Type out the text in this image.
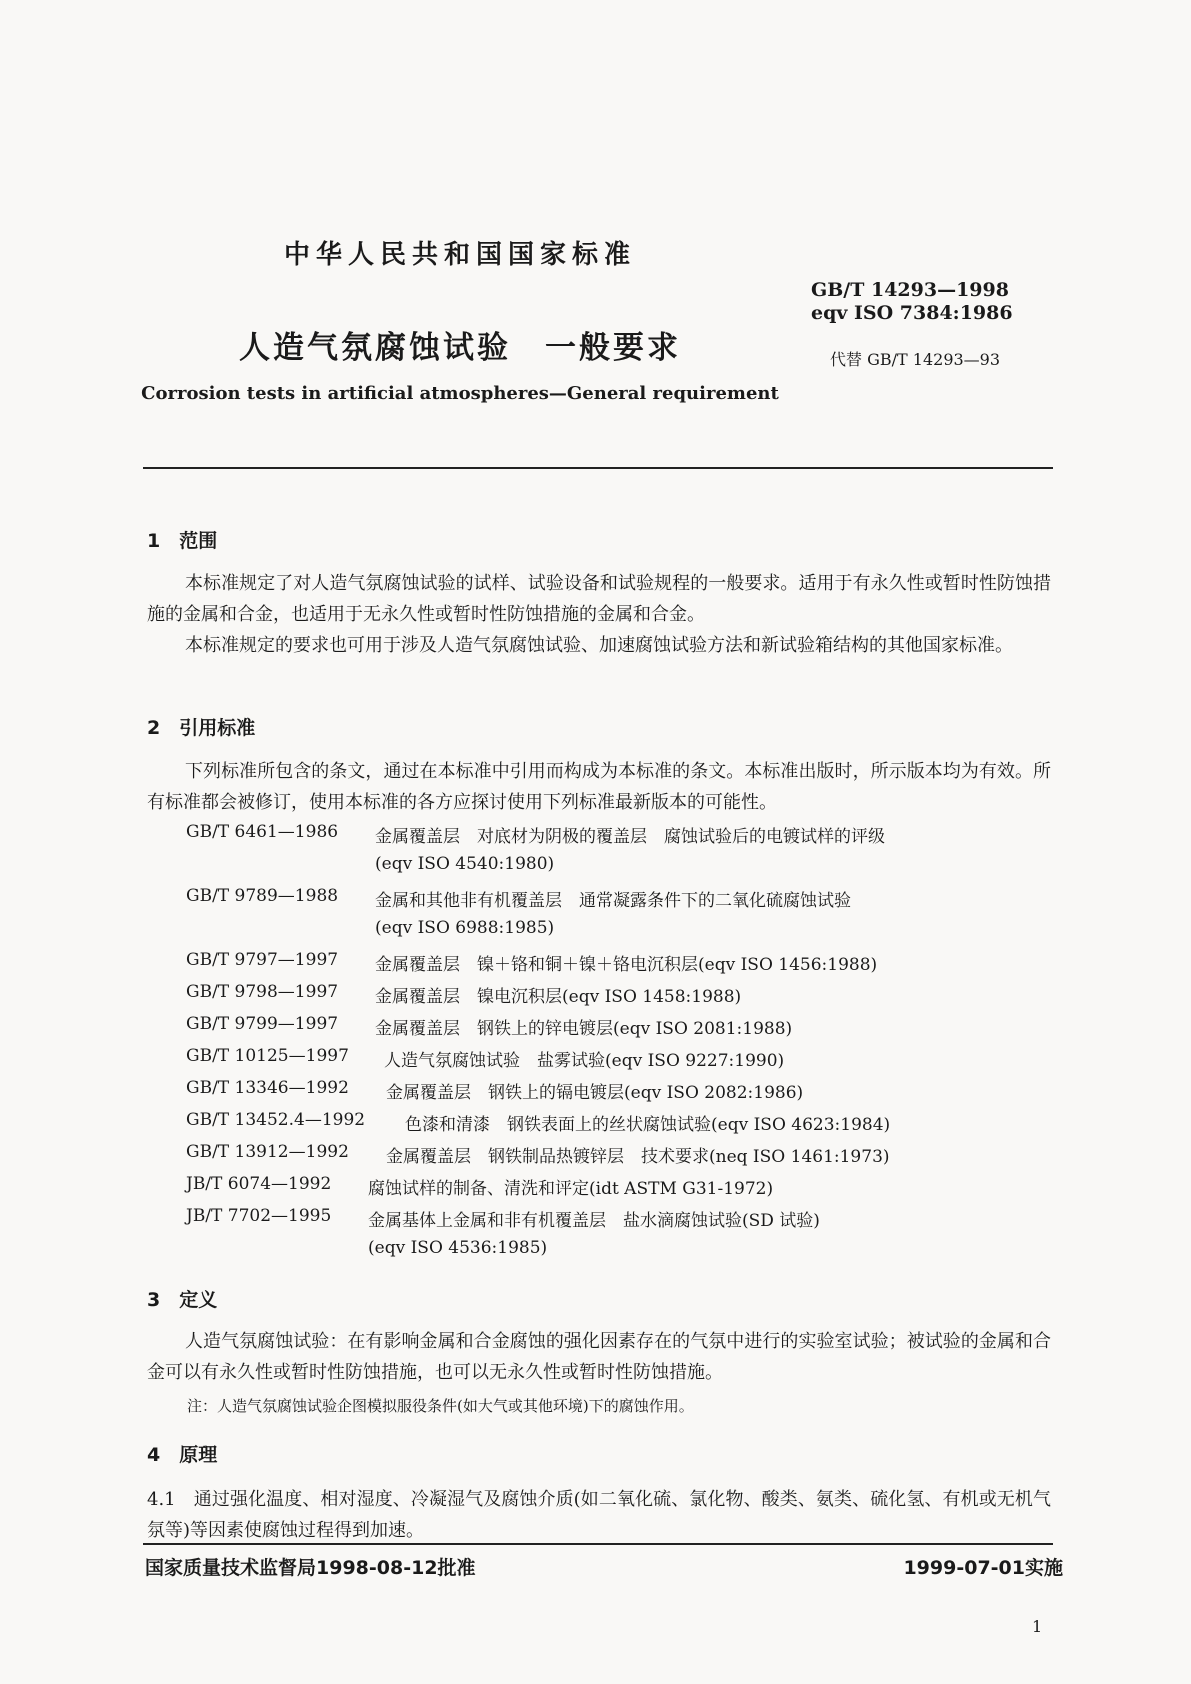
中华人民共和国国家标准
GB/T 14293—1998
eqv ISO 7384:1986
代替 GB/T 14293—93
人造气氛腐蚀试验　一般要求
Corrosion tests in artificial atmospheres—General requirement
1　范围
本标准规定了对人造气氛腐蚀试验的试样、试验设备和试验规程的一般要求。适用于有永久性或暂时性防蚀措施的金属和合金，也适用于无永久性或暂时性防蚀措施的金属和合金。
本标准规定的要求也可用于涉及人造气氛腐蚀试验、加速腐蚀试验方法和新试验箱结构的其他国家标准。
2　引用标准
下列标准所包含的条文，通过在本标准中引用而构成为本标准的条文。本标准出版时，所示版本均为有效。所有标准都会被修订，使用本标准的各方应探讨使用下列标准最新版本的可能性。
GB/T 6461—1986 金属覆盖层　对底材为阴极的覆盖层　腐蚀试验后的电镀试样的评级
(eqv ISO 4540:1980)
GB/T 9789—1988 金属和其他非有机覆盖层　通常凝露条件下的二氧化硫腐蚀试验
(eqv ISO 6988:1985)
GB/T 9797—1997 金属覆盖层　镍＋铬和铜＋镍＋铬电沉积层(eqv ISO 1456:1988)
GB/T 9798—1997 金属覆盖层　镍电沉积层(eqv ISO 1458:1988)
GB/T 9799—1997 金属覆盖层　钢铁上的锌电镀层(eqv ISO 2081:1988)
GB/T 10125—1997 人造气氛腐蚀试验　盐雾试验(eqv ISO 9227:1990)
GB/T 13346—1992 金属覆盖层　钢铁上的镉电镀层(eqv ISO 2082:1986)
GB/T 13452.4—1992 色漆和清漆　钢铁表面上的丝状腐蚀试验(eqv ISO 4623:1984)
GB/T 13912—1992 金属覆盖层　钢铁制品热镀锌层　技术要求(neq ISO 1461:1973)
JB/T 6074—1992 腐蚀试样的制备、清洗和评定(idt ASTM G31-1972)
JB/T 7702—1995 金属基体上金属和非有机覆盖层　盐水滴腐蚀试验(SD 试验)
(eqv ISO 4536:1985)
3　定义
人造气氛腐蚀试验：在有影响金属和合金腐蚀的强化因素存在的气氛中进行的实验室试验；被试验的金属和合金可以有永久性或暂时性防蚀措施，也可以无永久性或暂时性防蚀措施。
注：人造气氛腐蚀试验企图模拟服役条件(如大气或其他环境)下的腐蚀作用。
4　原理
4.1　通过强化温度、相对湿度、冷凝湿气及腐蚀介质(如二氧化硫、氯化物、酸类、氨类、硫化氢、有机或无机气氛等)等因素使腐蚀过程得到加速。
国家质量技术监督局1998-08-12批准	1999-07-01实施
1
